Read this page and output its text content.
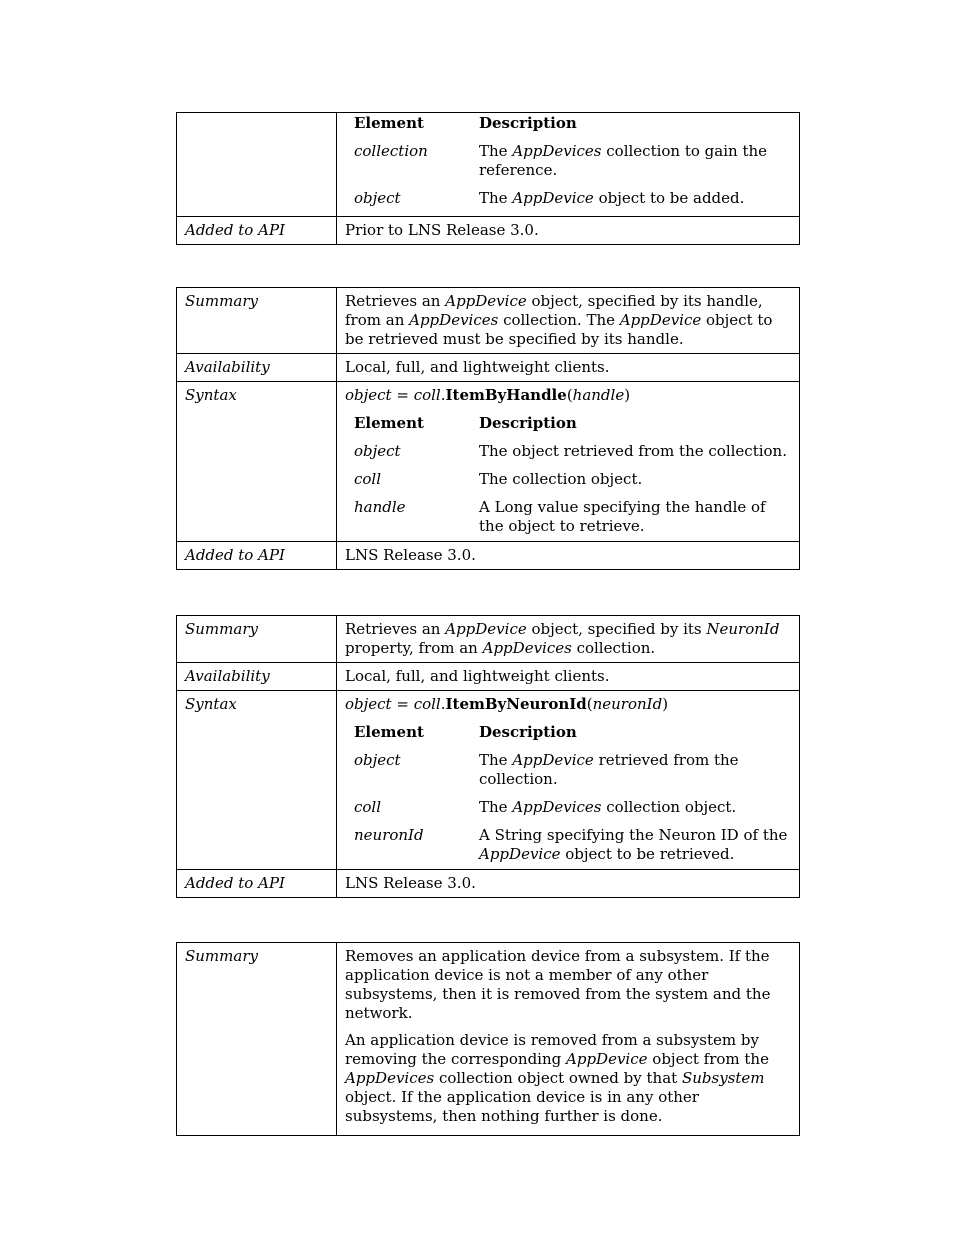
Element	Description
collection	The AppDevices collection to gain the reference.
object	The AppDevice object to be added.

Added to API	Prior to LNS Release 3.0.
Summary	Retrieves an AppDevice object, specified by its handle, from an AppDevices collection. The AppDevice object to be retrieved must be specified by its handle.
Availability	Local, full, and lightweight clients.
Syntax	object = coll.ItemByHandle(handle)

Element	Description
object	The object retrieved from the collection.
coll	The collection object.
handle	A Long value specifying the handle of the object to retrieve.

Added to API	LNS Release 3.0.
Summary	Retrieves an AppDevice object, specified by its NeuronId property, from an AppDevices collection.
Availability	Local, full, and lightweight clients.
Syntax	object = coll.ItemByNeuronId(neuronId)

Element	Description
object	The AppDevice retrieved from the collection.
coll	The AppDevices collection object.
neuronId	A String specifying the Neuron ID of the AppDevice object to be retrieved.

Added to API	LNS Release 3.0.
Summary	Removes an application device from a subsystem. If the application device is not a member of any other subsystems, then it is removed from the system and the network.

An application device is removed from a subsystem by removing the corresponding AppDevice object from the AppDevices collection object owned by that Subsystem object. If the application device is in any other subsystems, then nothing further is done.
